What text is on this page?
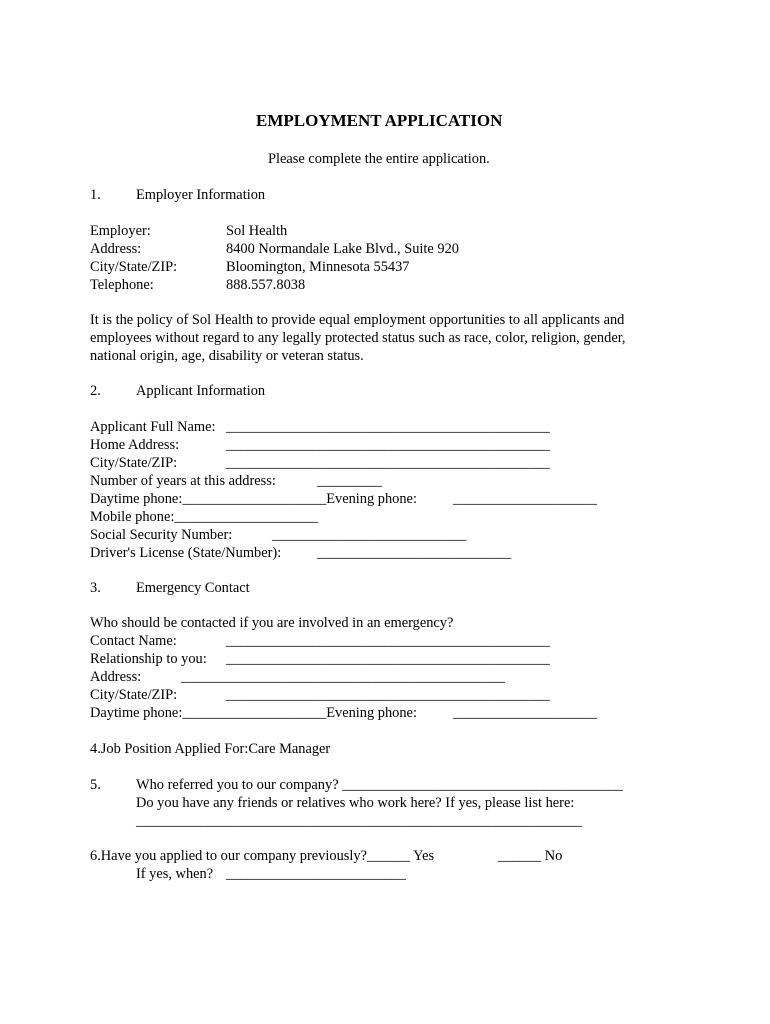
EMPLOYMENT APPLICATION
Please complete the entire application.
1. Employer Information
Employer:	Sol Health
Address:	8400 Normandale Lake Blvd., Suite 920
City/State/ZIP:	Bloomington, Minnesota 55437
Telephone:	888.557.8038
It is the policy of Sol Health to provide equal employment opportunities to all applicants and employees without regard to any legally protected status such as race, color, religion, gender, national origin, age, disability or veteran status.
2. Applicant Information
Applicant Full Name: _____________________________________________
Home Address:	_____________________________________________
City/State/ZIP:	_____________________________________________
Number of years at this address:	_________
Daytime phone:____________________Evening phone:	____________________
Mobile phone:____________________
Social Security Number:	___________________________
Driver's License (State/Number): ___________________________
3. Emergency Contact
Who should be contacted if you are involved in an emergency?
Contact Name:	_____________________________________________
Relationship to you: _____________________________________________
Address:	_____________________________________________
City/State/ZIP:	_____________________________________________
Daytime phone:____________________Evening phone:	____________________
4.Job Position Applied For:Care Manager
5. Who referred you to our company? _______________________________________
Do you have any friends or relatives who work here? If yes, please list here:
______________________________________________________________
6.Have you applied to our company previously?______ Yes	______ No
If yes, when? _________________________
